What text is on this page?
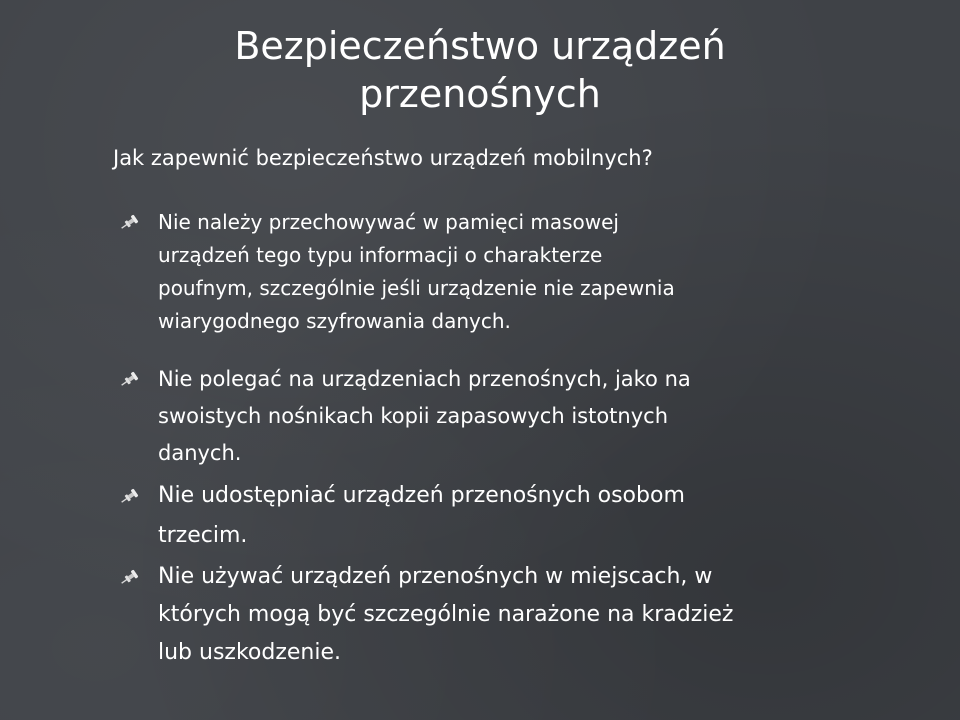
Bezpieczeństwo urządzeń
przenośnych

Jak zapewnić bezpieczeństwo urządzeń mobilnych?

Nie należy przechowywać w pamięci masowej
urządzeń tego typu informacji o charakterze
poufnym, szczególnie jeśli urządzenie nie zapewnia
wiarygodnego szyfrowania danych.
Nie polegać na urządzeniach przenośnych, jako na
swoistych nośnikach kopii zapasowych istotnych
danych.
Nie udostępniać urządzeń przenośnych osobom
trzecim.
Nie używać urządzeń przenośnych w miejscach, w
których mogą być szczególnie narażone na kradzież
lub uszkodzenie.
